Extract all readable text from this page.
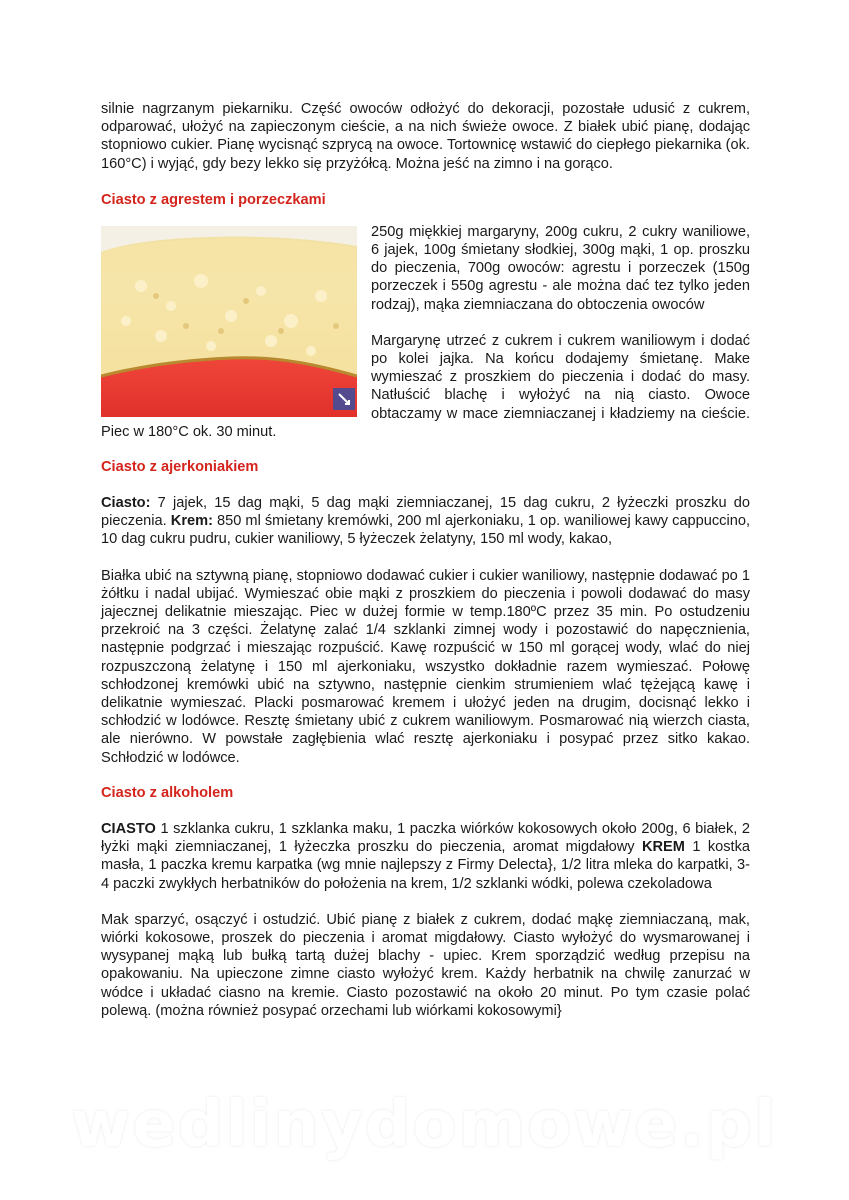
silnie nagrzanym piekarniku. Część owoców odłożyć do dekoracji, pozostałe udusić z cukrem, odparować, ułożyć na zapieczonym cieście, a na nich świeże owoce. Z białek ubić pianę, dodając stopniowo cukier. Pianę wycisnąć szprycą na owoce. Tortownicę wstawić do ciepłego piekarnika (ok. 160°C) i wyjąć, gdy bezy lekko się przyżółcą. Można jeść na zimno i na gorąco.

Ciasto z agrestem i porzeczkami

250g miękkiej margaryny, 200g cukru, 2 cukry waniliowe, 6 jajek, 100g śmietany słodkiej, 300g mąki, 1 op. proszku do pieczenia, 700g owoców: agrestu i porzeczek (150g porzeczek i 550g agrestu - ale można dać tez tylko jeden rodzaj), mąka ziemniaczana do obtoczenia owoców

Margarynę utrzeć z cukrem i cukrem waniliowym i dodać po kolei jajka. Na końcu dodajemy śmietanę. Make wymieszać z proszkiem do pieczenia i dodać do masy. Natłuścić blachę i wyłożyć na nią ciasto. Owoce obtaczamy w mace ziemniaczanej i kładziemy na cieście. Piec w 180°C ok. 30 minut.

Ciasto z ajerkoniakiem

Ciasto: 7 jajek, 15 dag mąki, 5 dag mąki ziemniaczanej, 15 dag cukru, 2 łyżeczki proszku do pieczenia. Krem: 850 ml śmietany kremówki, 200 ml ajerkoniaku, 1 op. waniliowej kawy cappuccino, 10 dag cukru pudru, cukier waniliowy, 5 łyżeczek żelatyny, 150 ml wody, kakao,

Białka ubić na sztywną pianę, stopniowo dodawać cukier i cukier waniliowy, następnie dodawać po 1 żółtku i nadal ubijać. Wymieszać obie mąki z proszkiem do pieczenia i powoli dodawać do masy jajecznej delikatnie mieszając. Piec w dużej formie w temp.180ºC przez 35 min. Po ostudzeniu przekroić na 3 części. Żelatynę zalać 1/4 szklanki zimnej wody i pozostawić do napęcznienia, następnie podgrzać i mieszając rozpuścić. Kawę rozpuścić w 150 ml gorącej wody, wlać do niej rozpuszczoną żelatynę i 150 ml ajerkoniaku, wszystko dokładnie razem wymieszać. Połowę schłodzonej kremówki ubić na sztywno, następnie cienkim strumieniem wlać tężejącą kawę i delikatnie wymieszać. Placki posmarować kremem i ułożyć jeden na drugim, docisnąć lekko i schłodzić w lodówce. Resztę śmietany ubić z cukrem waniliowym. Posmarować nią wierzch ciasta, ale nierówno. W powstałe zagłębienia wlać resztę ajerkoniaku i posypać przez sitko kakao. Schłodzić w lodówce.

Ciasto z alkoholem

CIASTO 1 szklanka cukru, 1 szklanka maku, 1 paczka wiórków kokosowych około 200g, 6 białek, 2 łyżki mąki ziemniaczanej, 1 łyżeczka proszku do pieczenia, aromat migdałowy KREM 1 kostka masła, 1 paczka kremu karpatka (wg mnie najlepszy z Firmy Delecta}, 1/2 litra mleka do karpatki, 3-4 paczki zwykłych herbatników do położenia na krem, 1/2 szklanki wódki, polewa czekoladowa

Mak sparzyć, osączyć i ostudzić. Ubić pianę z białek z cukrem, dodać mąkę ziemniaczaną, mak, wiórki kokosowe, proszek do pieczenia i aromat migdałowy. Ciasto wyłożyć do wysmarowanej i wysypanej mąką lub bułką tartą dużej blachy - upiec. Krem sporządzić według przepisu na opakowaniu. Na upieczone zimne ciasto wyłożyć krem. Każdy herbatnik na chwilę zanurzać w wódce i układać ciasno na kremie. Ciasto pozostawić na około 20 minut. Po tym czasie polać polewą. (można również posypać orzechami lub wiórkami kokosowymi}

wedlinydomowe.pl
